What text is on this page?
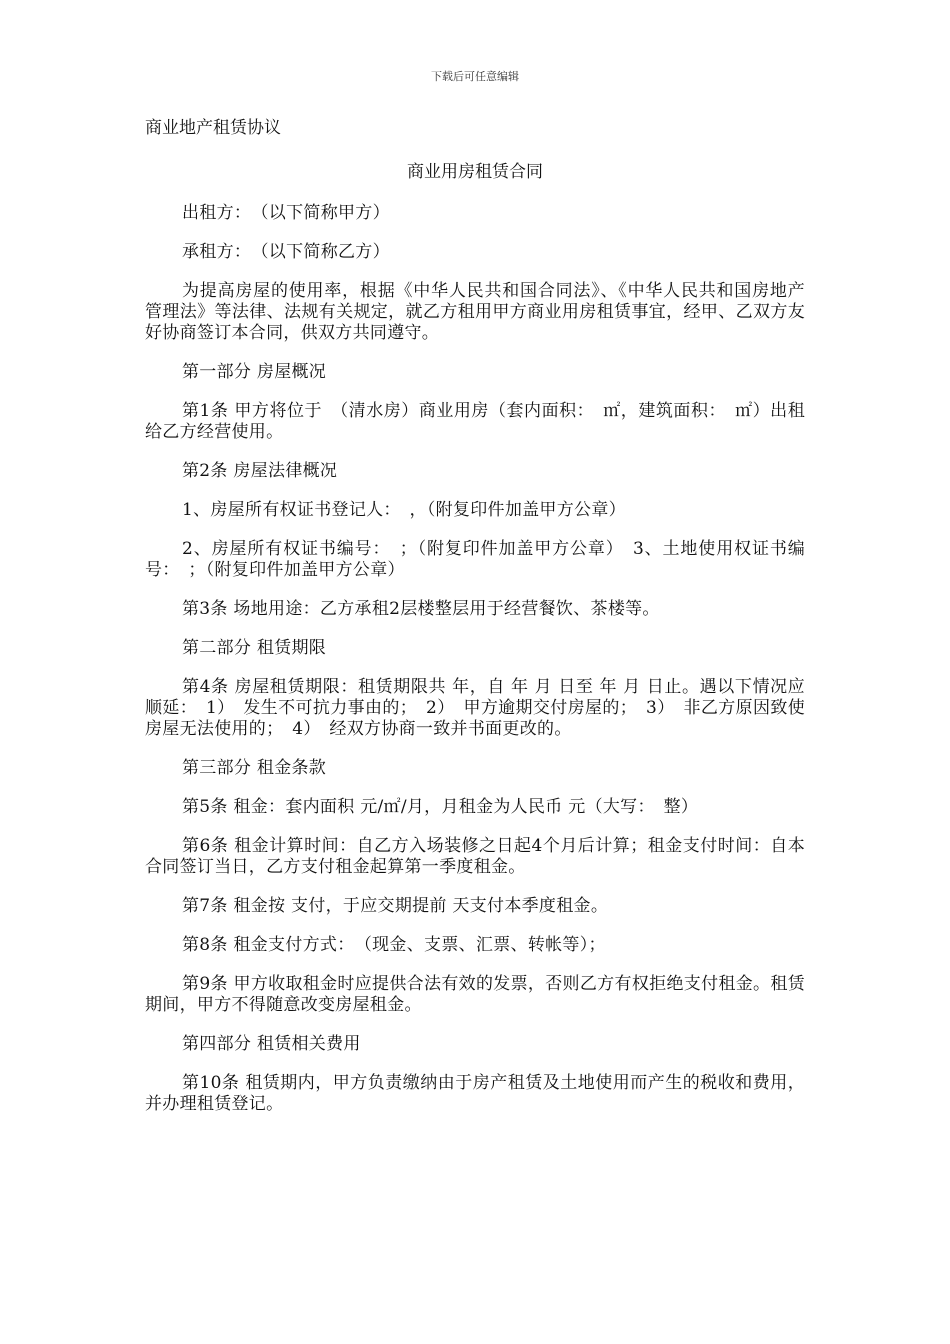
下载后可任意编辑
商业地产租赁协议
商业用房租赁合同

出租方：　（以下简称甲方）

承租方：　（以下简称乙方）

为提高房屋的使用率，根据《中华人民共和国合同法》、《中华人民共和国房地产管理法》等法律、法规有关规定，就乙方租用甲方商业用房租赁事宜，经甲、乙双方友好协商签订本合同，供双方共同遵守。

第一部分 房屋概况

第1条 甲方将位于　（清水房）商业用房（套内面积：　㎡，建筑面积：　㎡）出租给乙方经营使用。

第2条 房屋法律概况

1、房屋所有权证书登记人：　，（附复印件加盖甲方公章）

2、房屋所有权证书编号：　；（附复印件加盖甲方公章）　3、土地使用权证书编号：　；（附复印件加盖甲方公章）

第3条 场地用途：乙方承租2层楼整层用于经营餐饮、茶楼等。

第二部分 租赁期限

第4条 房屋租赁期限：租赁期限共 年，自 年 月 日至 年 月 日止。遇以下情况应顺延：　1）　发生不可抗力事由的；　2）　甲方逾期交付房屋的；　3）　非乙方原因致使房屋无法使用的；　4）　经双方协商一致并书面更改的。

第三部分 租金条款

第5条 租金：套内面积 元/㎡/月，月租金为人民币 元（大写：　整）

第6条 租金计算时间：自乙方入场装修之日起4个月后计算；租金支付时间：自本合同签订当日，乙方支付租金起算第一季度租金。

第7条 租金按 支付，于应交期提前 天支付本季度租金。

第8条 租金支付方式：　（现金、支票、汇票、转帐等）；

第9条 甲方收取租金时应提供合法有效的发票，否则乙方有权拒绝支付租金。租赁期间，甲方不得随意改变房屋租金。

第四部分 租赁相关费用

第10条 租赁期内，甲方负责缴纳由于房产租赁及土地使用而产生的税收和费用，并办理租赁登记。
